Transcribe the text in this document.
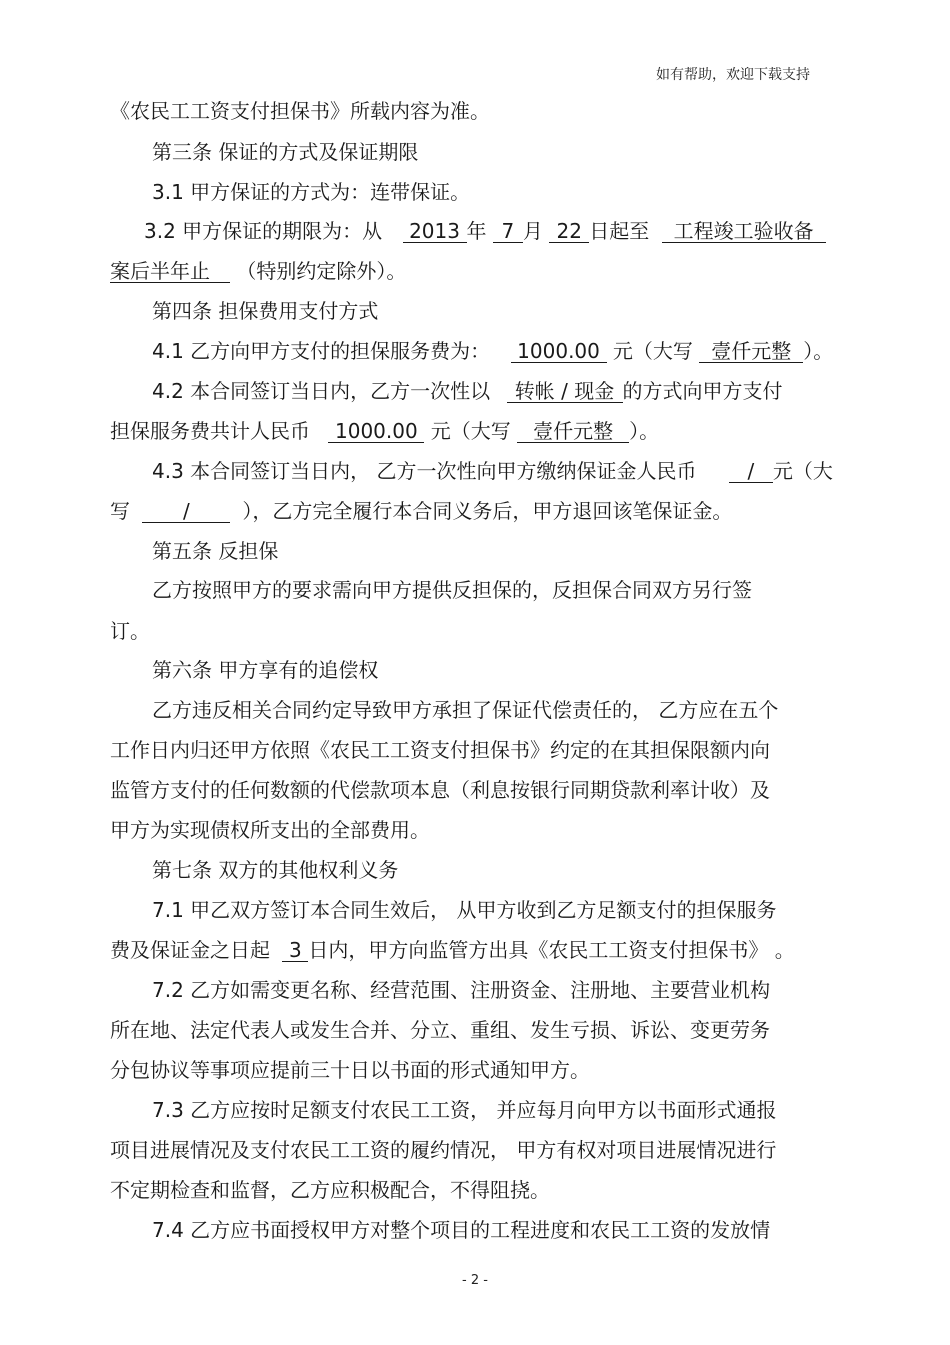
如有帮助，欢迎下载支持
《农民工工资支付担保书》所载内容为准。
第三条 保证的方式及保证期限
3.1 甲方保证的方式为：连带保证。
3.2 甲方保证的期限为：从 2013 年 7 月 22 日起至 工程竣工验收备
案后半年止 （特别约定除外）。
第四条 担保费用支付方式
4.1 乙方向甲方支付的担保服务费为： 1000.00 元（大写 壹仟元整 ）。
4.2 本合同签订当日内，乙方一次性以 转帐 / 现金 的方式向甲方支付
担保服务费共计人民币 1000.00 元（大写 壹仟元整 ）。
4.3 本合同签订当日内， 乙方一次性向甲方缴纳保证金人民币	/ 元（大
写	/	），乙方完全履行本合同义务后，甲方退回该笔保证金。
第五条 反担保
乙方按照甲方的要求需向甲方提供反担保的，反担保合同双方另行签
订。
第六条 甲方享有的追偿权
乙方违反相关合同约定导致甲方承担了保证代偿责任的， 乙方应在五个
工作日内归还甲方依照《农民工工资支付担保书》约定的在其担保限额内向
监管方支付的任何数额的代偿款项本息（利息按银行同期贷款利率计收）及
甲方为实现债权所支出的全部费用。
第七条 双方的其他权利义务
7.1 甲乙双方签订本合同生效后， 从甲方收到乙方足额支付的担保服务
费及保证金之日起 3 日内，甲方向监管方出具《农民工工资支付担保书》 。
7.2 乙方如需变更名称、经营范围、注册资金、注册地、主要营业机构
所在地、法定代表人或发生合并、分立、重组、发生亏损、诉讼、变更劳务
分包协议等事项应提前三十日以书面的形式通知甲方。
7.3 乙方应按时足额支付农民工工资， 并应每月向甲方以书面形式通报
项目进展情况及支付农民工工资的履约情况， 甲方有权对项目进展情况进行
不定期检查和监督，乙方应积极配合，不得阻挠。
7.4 乙方应书面授权甲方对整个项目的工程进度和农民工工资的发放情
- 2 -
